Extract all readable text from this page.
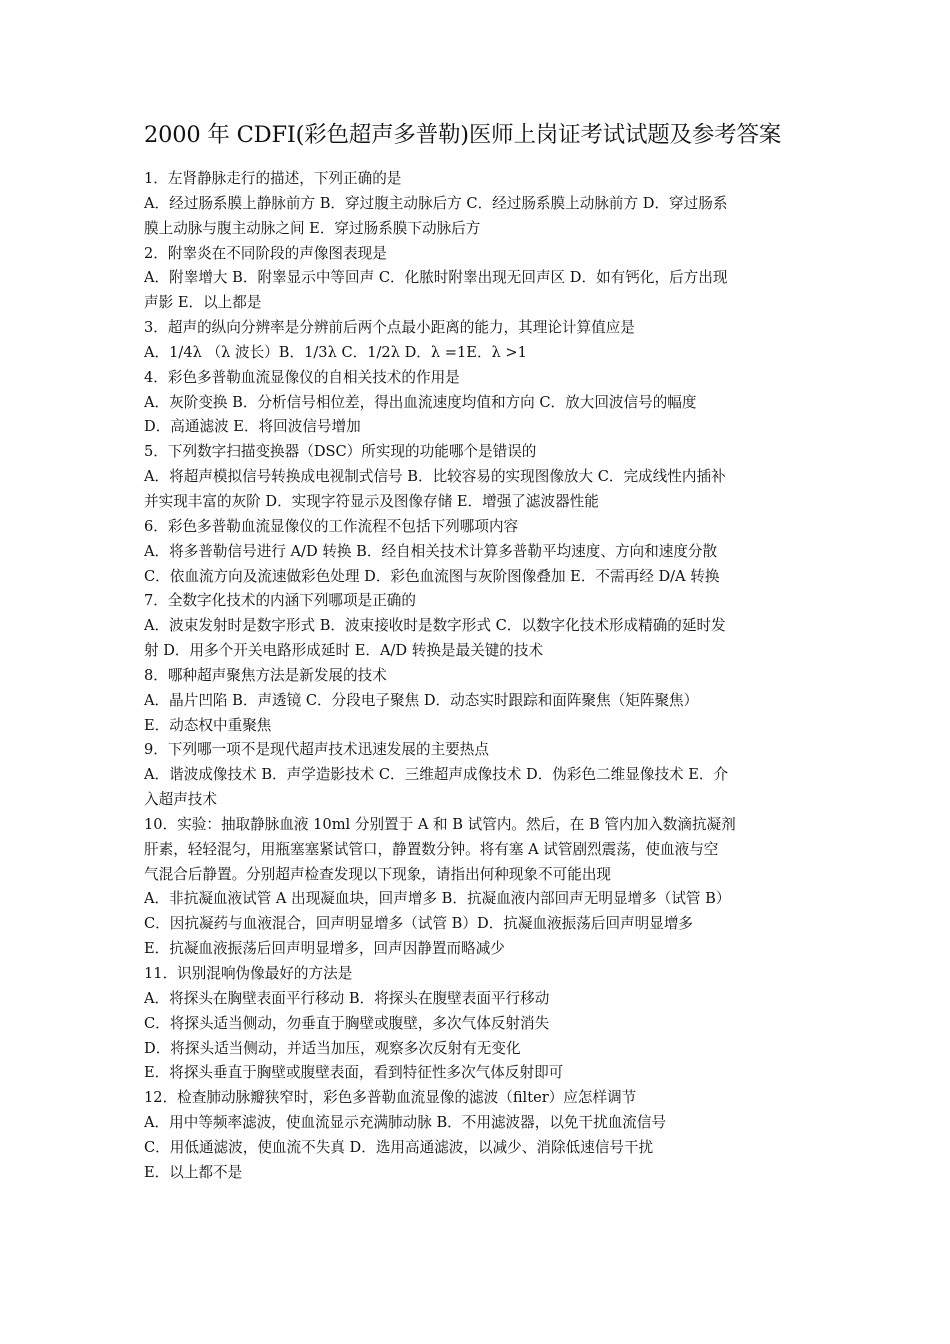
2000 年 CDFI(彩色超声多普勒)医师上岗证考试试题及参考答案
1．左肾静脉走行的描述，下列正确的是
A．经过肠系膜上静脉前方 B．穿过腹主动脉后方 C．经过肠系膜上动脉前方 D．穿过肠系
膜上动脉与腹主动脉之间 E．穿过肠系膜下动脉后方
2．附睾炎在不同阶段的声像图表现是
A．附睾增大 B．附睾显示中等回声 C．化脓时附睾出现无回声区 D．如有钙化，后方出现
声影 E．以上都是
3．超声的纵向分辨率是分辨前后两个点最小距离的能力，其理论计算值应是
A．1/4λ （λ 波长）B．1/3λ C．1/2λ D．λ =1E．λ >1
4．彩色多普勒血流显像仪的自相关技术的作用是
A．灰阶变换 B．分析信号相位差，得出血流速度均值和方向 C．放大回波信号的幅度
D．高通滤波 E．将回波信号增加
5．下列数字扫描变换器（DSC）所实现的功能哪个是错误的
A．将超声模拟信号转换成电视制式信号 B．比较容易的实现图像放大 C．完成线性内插补
并实现丰富的灰阶 D．实现字符显示及图像存储 E．增强了滤波器性能
6．彩色多普勒血流显像仪的工作流程不包括下列哪项内容
A．将多普勒信号进行 A/D 转换 B．经自相关技术计算多普勒平均速度、方向和速度分散
C．依血流方向及流速做彩色处理 D．彩色血流图与灰阶图像叠加 E．不需再经 D/A 转换
7．全数字化技术的内涵下列哪项是正确的
A．波束发射时是数字形式 B．波束接收时是数字形式 C．以数字化技术形成精确的延时发
射 D．用多个开关电路形成延时 E．A/D 转换是最关键的技术
8．哪种超声聚焦方法是新发展的技术
A．晶片凹陷 B．声透镜 C．分段电子聚焦 D．动态实时跟踪和面阵聚焦（矩阵聚焦）
E．动态权中重聚焦
9．下列哪一项不是现代超声技术迅速发展的主要热点
A．谐波成像技术 B．声学造影技术 C．三维超声成像技术 D．伪彩色二维显像技术 E．介
入超声技术
10．实验：抽取静脉血液 10ml 分别置于 A 和 B 试管内。然后，在 B 管内加入数滴抗凝剂
肝素，轻轻混匀，用瓶塞塞紧试管口，静置数分钟。将有塞 A 试管剧烈震荡，使血液与空
气混合后静置。分别超声检查发现以下现象，请指出何种现象不可能出现
A．非抗凝血液试管 A 出现凝血块，回声增多 B．抗凝血液内部回声无明显增多（试管 B）
C．因抗凝药与血液混合，回声明显增多（试管 B）D．抗凝血液振荡后回声明显增多
E．抗凝血液振荡后回声明显增多，回声因静置而略减少
11．识别混响伪像最好的方法是
A．将探头在胸壁表面平行移动 B．将探头在腹壁表面平行移动
C．将探头适当侧动，勿垂直于胸壁或腹壁，多次气体反射消失
D．将探头适当侧动，并适当加压，观察多次反射有无变化
E．将探头垂直于胸壁或腹壁表面，看到特征性多次气体反射即可
12．检查肺动脉瓣狭窄时，彩色多普勒血流显像的滤波（filter）应怎样调节
A．用中等频率滤波，使血流显示充满肺动脉 B．不用滤波器，以免干扰血流信号
C．用低通滤波，使血流不失真 D．选用高通滤波，以减少、消除低速信号干扰
E．以上都不是
